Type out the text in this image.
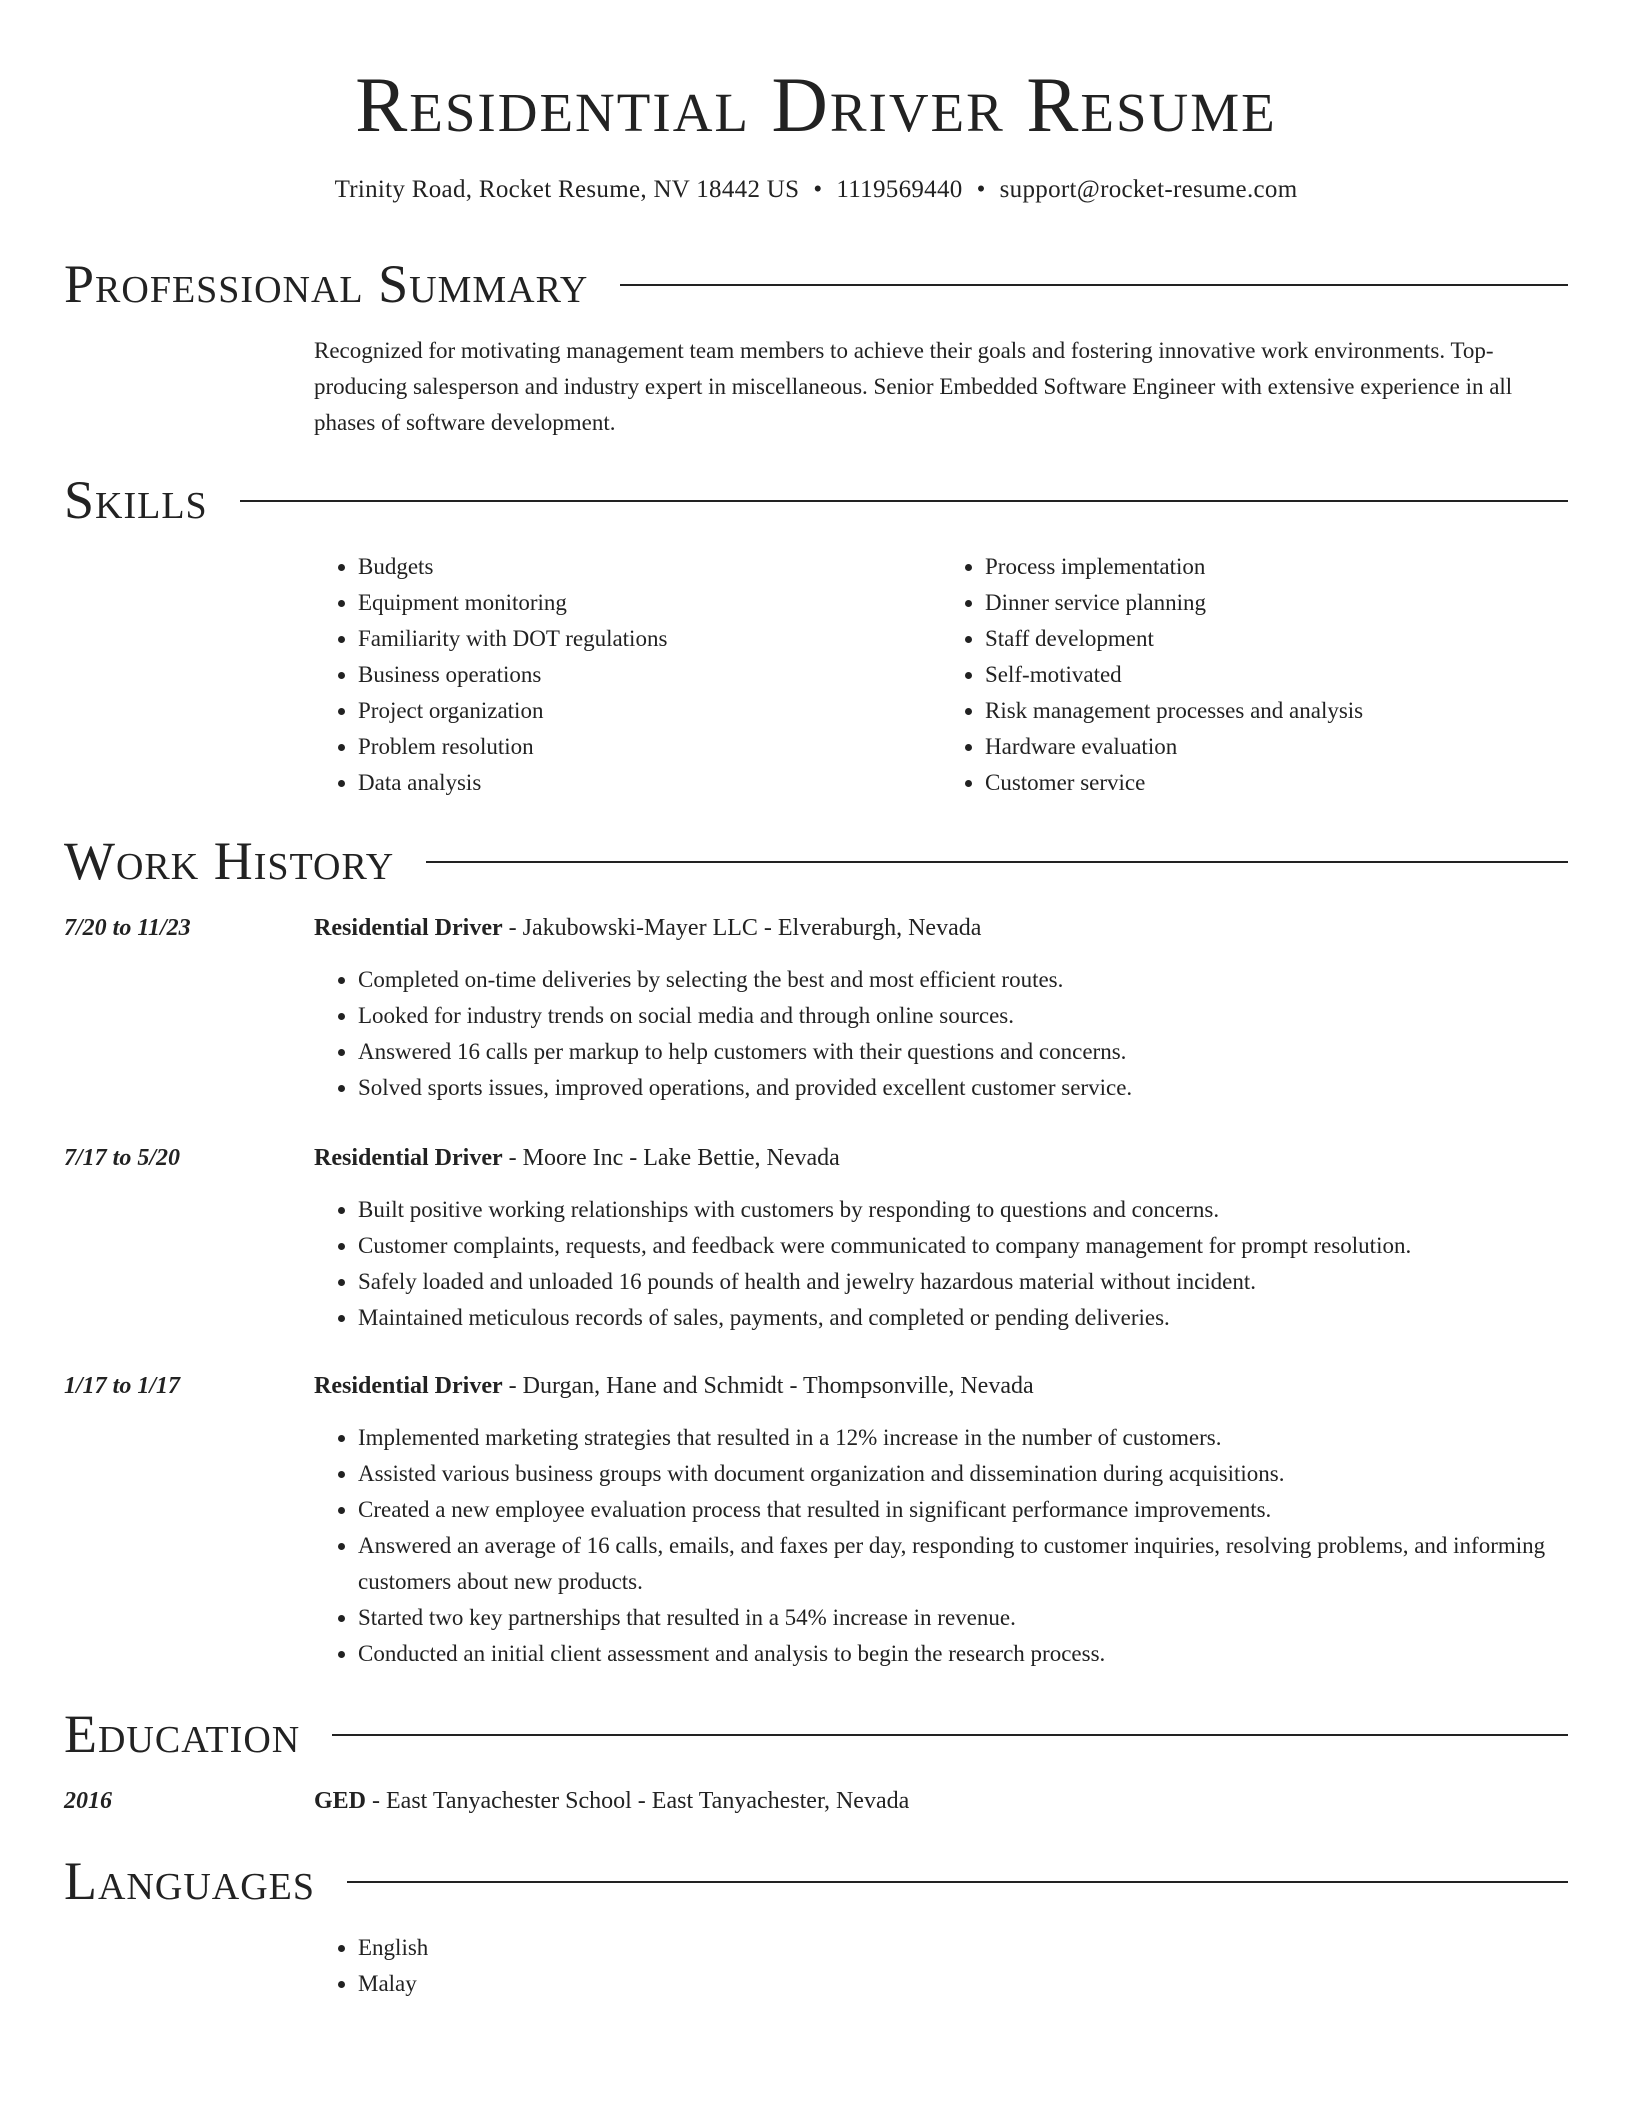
Residential Driver Resume
Trinity Road, Rocket Resume, NV 18442 US • 1119569440 • support@rocket-resume.com
Professional Summary

Recognized for motivating management team members to achieve their goals and fostering innovative work environments. Top-producing salesperson and industry expert in miscellaneous. Senior Embedded Software Engineer with extensive experience in all phases of software development.

Skills
• Budgets
• Equipment monitoring
• Familiarity with DOT regulations
• Business operations
• Project organization
• Problem resolution
• Data analysis
• Process implementation
• Dinner service planning
• Staff development
• Self-motivated
• Risk management processes and analysis
• Hardware evaluation
• Customer service
Work History
7/20 to 11/23	Residential Driver - Jakubowski-Mayer LLC - Elveraburgh, Nevada
• Completed on-time deliveries by selecting the best and most efficient routes.
• Looked for industry trends on social media and through online sources.
• Answered 16 calls per markup to help customers with their questions and concerns.
• Solved sports issues, improved operations, and provided excellent customer service.
7/17 to 5/20	Residential Driver - Moore Inc - Lake Bettie, Nevada
• Built positive working relationships with customers by responding to questions and concerns.
• Customer complaints, requests, and feedback were communicated to company management for prompt resolution.
• Safely loaded and unloaded 16 pounds of health and jewelry hazardous material without incident.
• Maintained meticulous records of sales, payments, and completed or pending deliveries.
1/17 to 1/17	Residential Driver - Durgan, Hane and Schmidt - Thompsonville, Nevada
• Implemented marketing strategies that resulted in a 12% increase in the number of customers.
• Assisted various business groups with document organization and dissemination during acquisitions.
• Created a new employee evaluation process that resulted in significant performance improvements.
• Answered an average of 16 calls, emails, and faxes per day, responding to customer inquiries, resolving problems, and informing customers about new products.
• Started two key partnerships that resulted in a 54% increase in revenue.
• Conducted an initial client assessment and analysis to begin the research process.
Education
2016	GED - East Tanyachester School - East Tanyachester, Nevada
Languages
• English
• Malay
